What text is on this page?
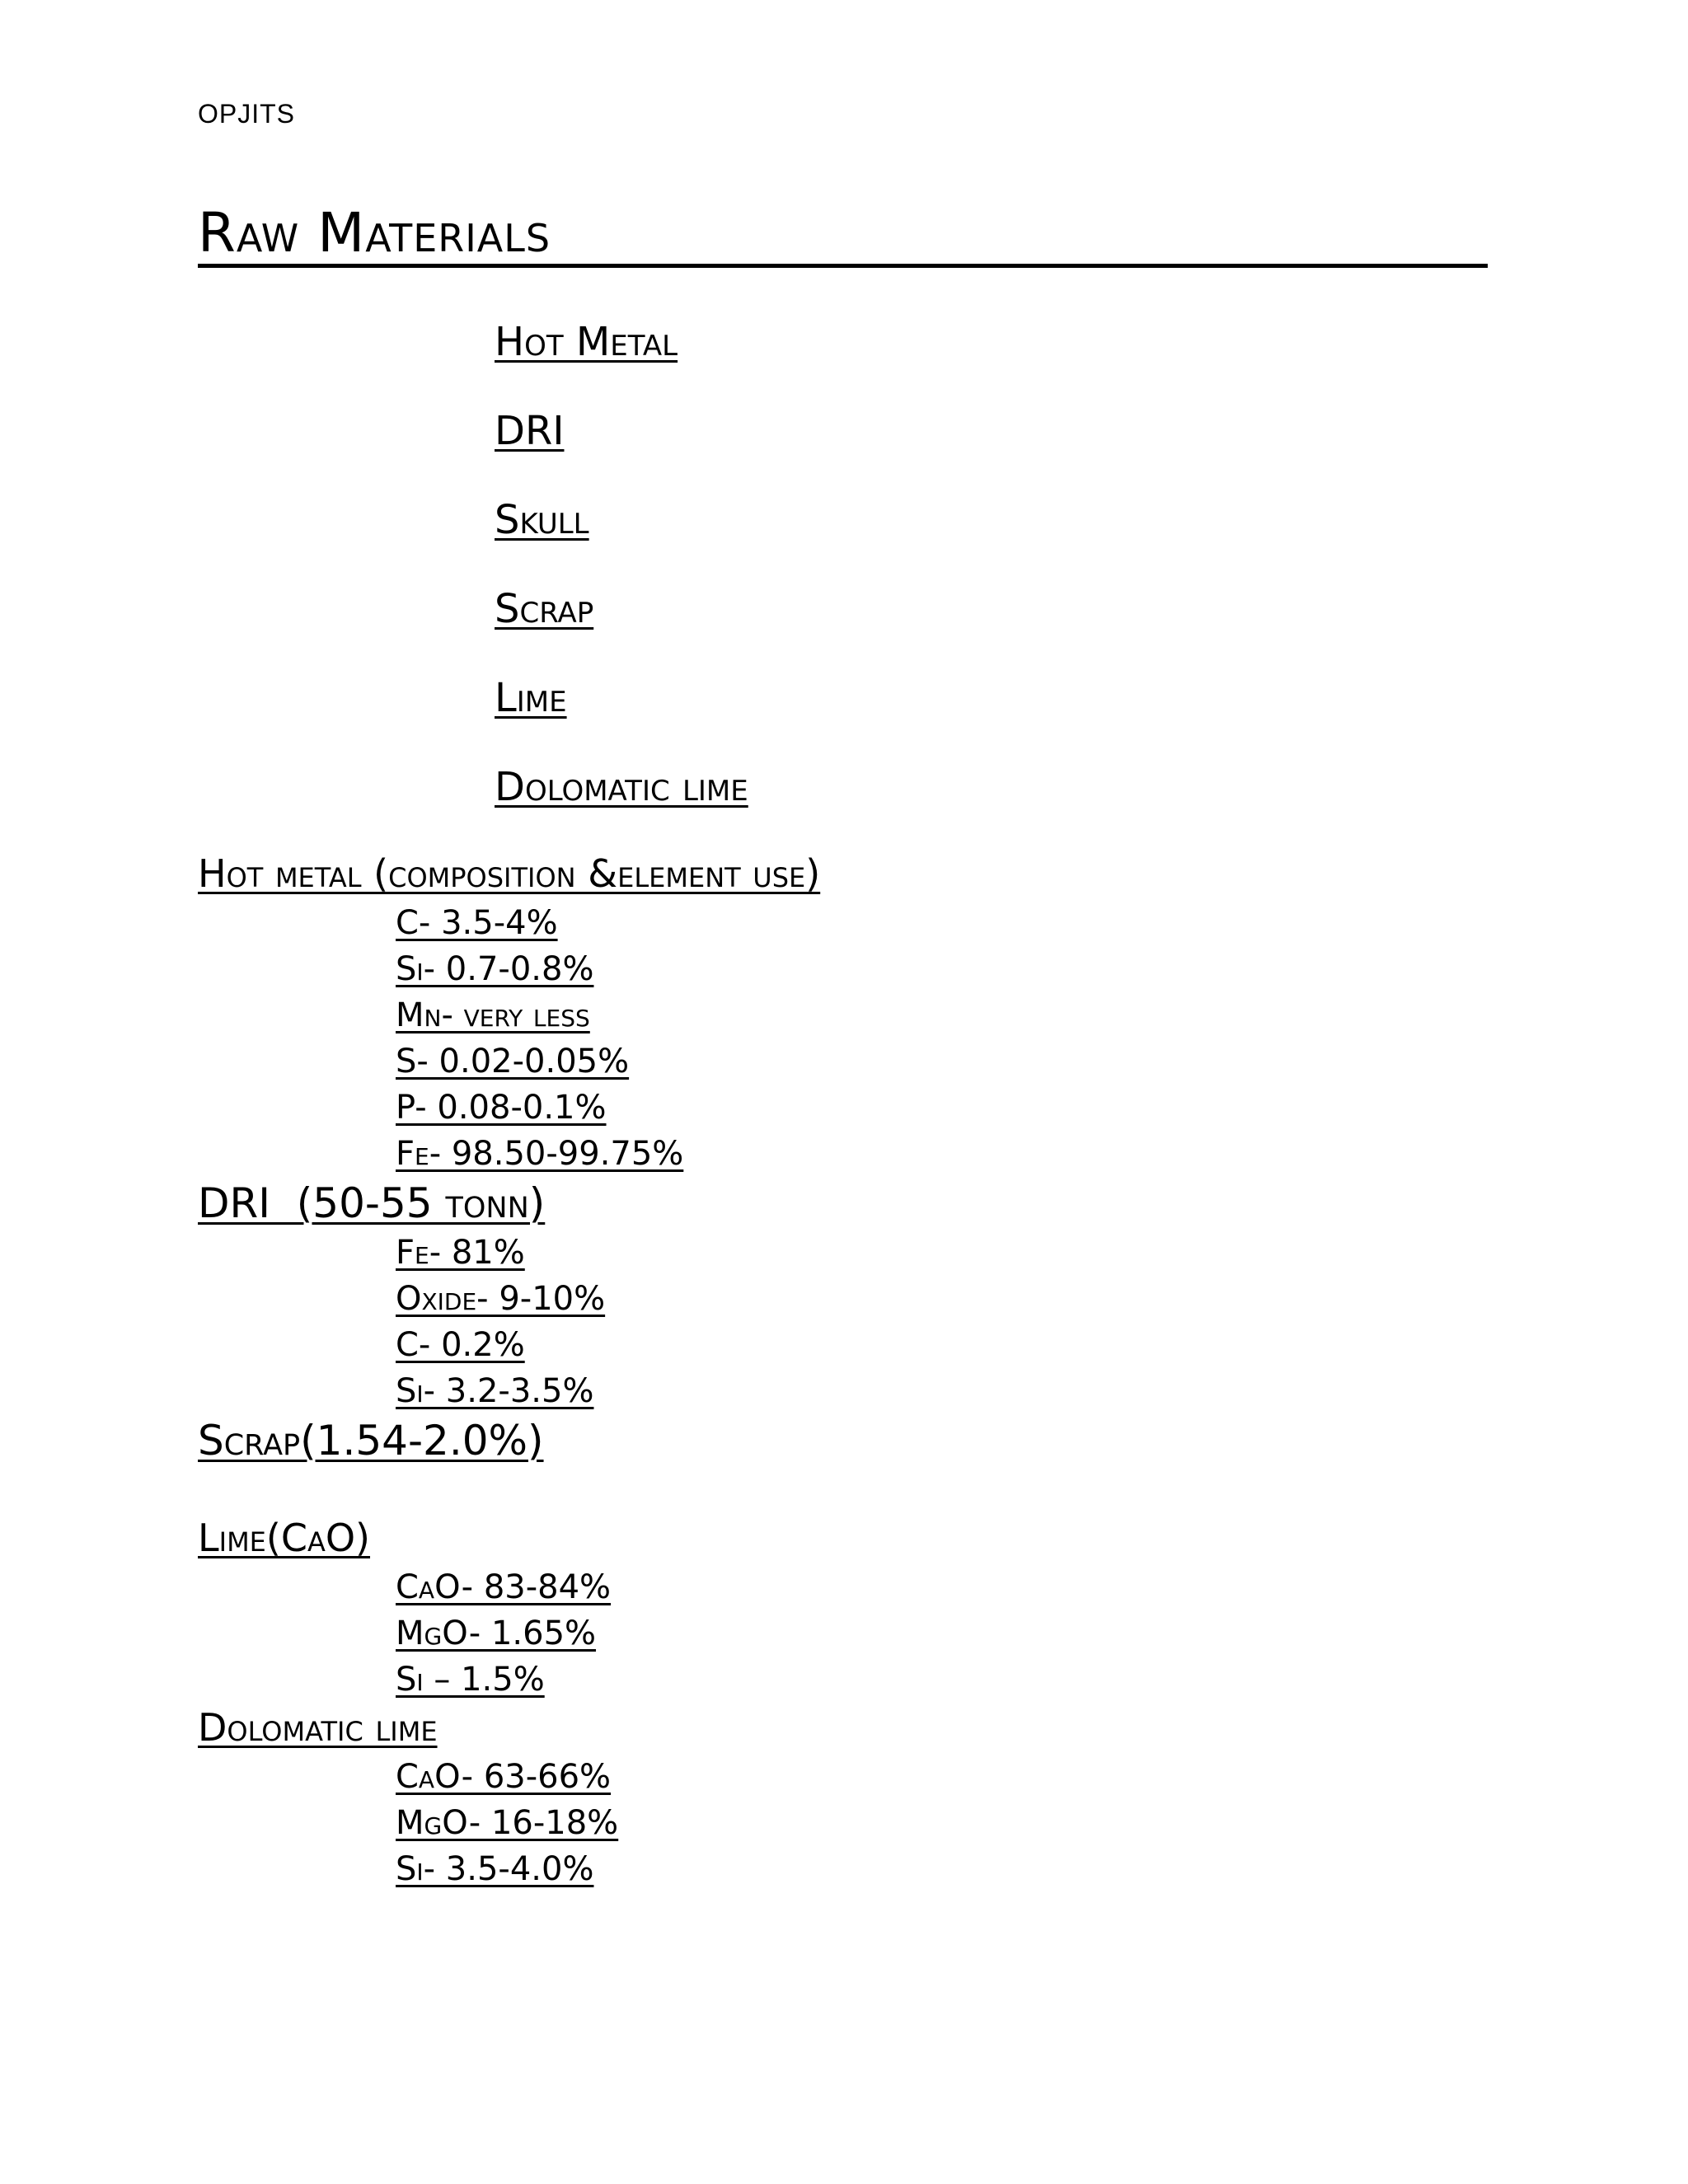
OPJITS
Raw Materials
Hot Metal
DRI
Skull
Scrap
Lime
Dolomatic lime
Hot metal (composition &element use)
C- 3.5-4%
Si- 0.7-0.8%
Mn- very less
S- 0.02-0.05%
P- 0.08-0.1%
Fe- 98.50-99.75%
DRI  (50-55 tonn)
Fe- 81%
Oxide- 9-10%
C- 0.2%
Si- 3.2-3.5%
Scrap(1.54-2.0%)
Lime(CaO)
CaO- 83-84%
MgO- 1.65%
Si – 1.5%
Dolomatic lime
CaO- 63-66%
MgO- 16-18%
Si- 3.5-4.0%
